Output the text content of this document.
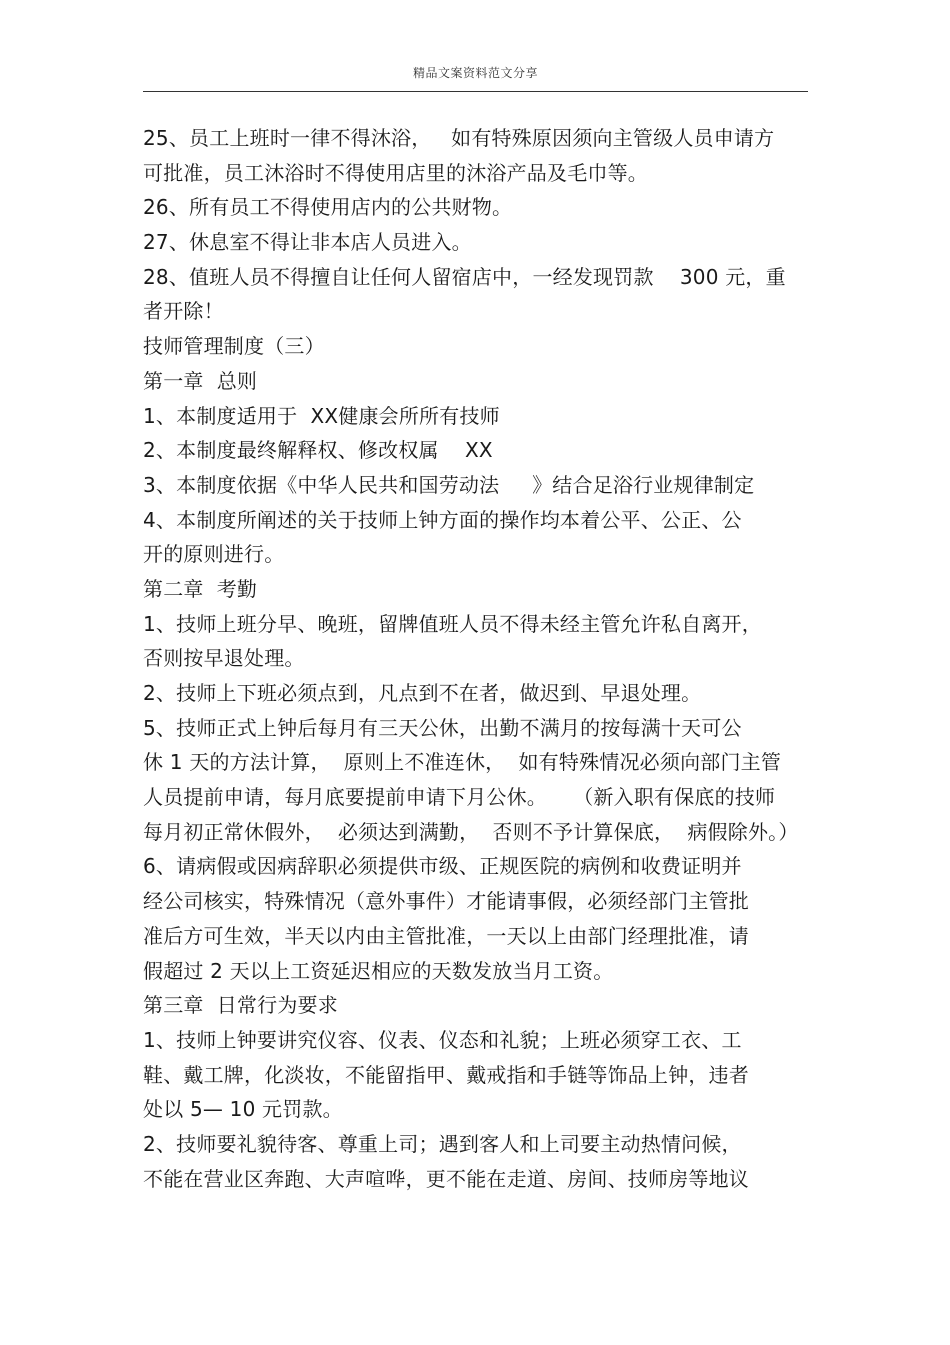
精品文案资料范文分享
25、员工上班时一律不得沐浴，   如有特殊原因须向主管级人员申请方
可批准，员工沐浴时不得使用店里的沐浴产品及毛巾等。
26、所有员工不得使用店内的公共财物。
27、休息室不得让非本店人员进入。
28、值班人员不得擅自让任何人留宿店中，一经发现罚款    300 元，重
者开除！
技师管理制度（三）
第一章  总则
1、本制度适用于  XX健康会所所有技师
2、本制度最终解释权、修改权属    XX
3、本制度依据《中华人民共和国劳动法     》结合足浴行业规律制定
4、本制度所阐述的关于技师上钟方面的操作均本着公平、公正、公
开的原则进行。
第二章  考勤
1、技师上班分早、晚班，留牌值班人员不得未经主管允许私自离开，
否则按早退处理。
2、技师上下班必须点到，凡点到不在者，做迟到、早退处理。
5、技师正式上钟后每月有三天公休，出勤不满月的按每满十天可公
休 1 天的方法计算，  原则上不准连休，  如有特殊情况必须向部门主管
人员提前申请，每月底要提前申请下月公休。    （新入职有保底的技师
每月初正常休假外，  必须达到满勤，  否则不予计算保底，  病假除外。）
6、请病假或因病辞职必须提供市级、正规医院的病例和收费证明并
经公司核实，特殊情况（意外事件）才能请事假，必须经部门主管批
准后方可生效，半天以内由主管批准，一天以上由部门经理批准，请
假超过 2 天以上工资延迟相应的天数发放当月工资。
第三章  日常行为要求
1、技师上钟要讲究仪容、仪表、仪态和礼貌；上班必须穿工衣、工
鞋、戴工牌，化淡妆，不能留指甲、戴戒指和手链等饰品上钟，违者
处以 5— 10 元罚款。
2、技师要礼貌待客、尊重上司；遇到客人和上司要主动热情问候，
不能在营业区奔跑、大声喧哗，更不能在走道、房间、技师房等地议
